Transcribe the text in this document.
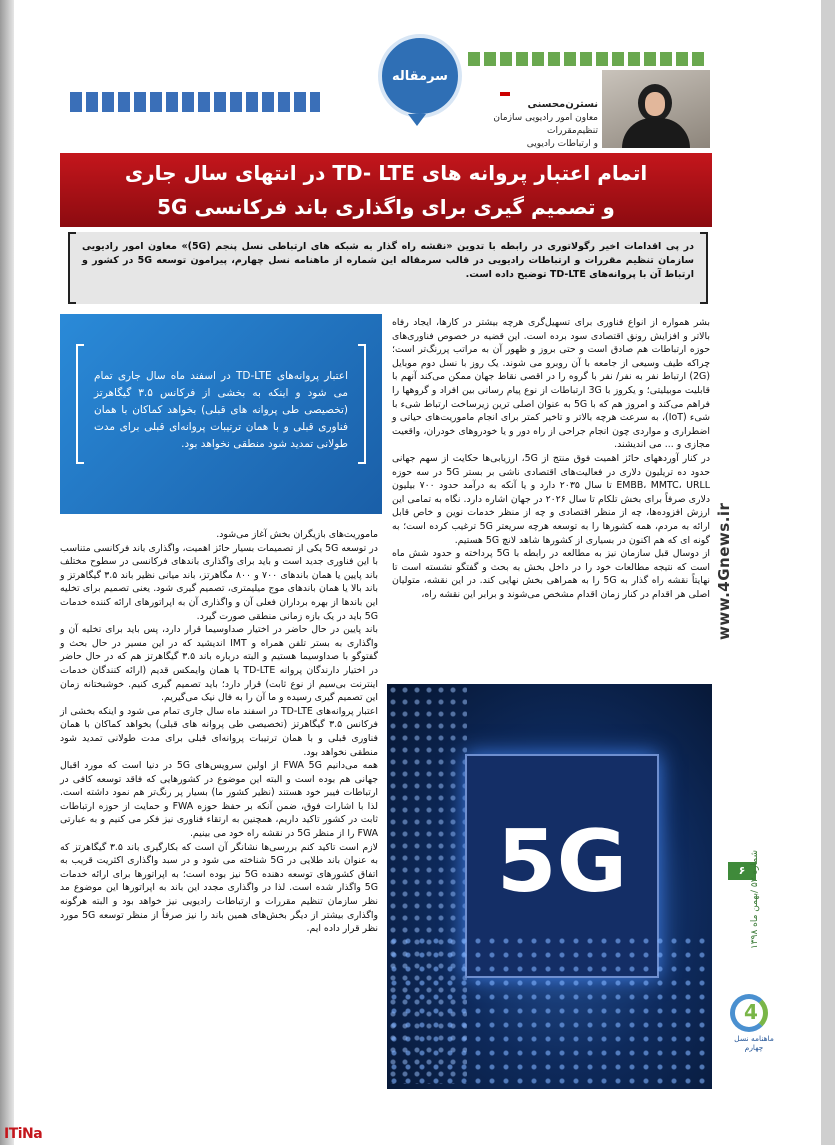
سرمقاله
نسترن‌محسنی
معاون امور رادیویی سازمان تنظیم‌مقررات
و ارتباطات رادیویی
اتمام اعتبار پروانه های TD- LTE در انتهای سال جاری
و تصمیم گیری برای واگذاری باند فرکانسی 5G

در پی اقدامات اخیر رگولاتوری در رابطه با تدوین «نقشه راه گذار به شبکه های ارتباطی نسل پنجم (5G)» معاون امور رادیویی سازمان تنظیم مقررات و ارتباطات رادیویی در قالب سرمقاله این شماره از ماهنامه نسل چهارم، پیرامون توسعه 5G در کشور و ارتباط آن با پروانه‌های TD-LTE توضیح داده است.

اعتبار پروانه‌های TD-LTE در اسفند ماه سال جاری تمام می شود و اینکه به بخشی از فرکانس ۳.۵ گیگاهرتز (تخصیصی طی پروانه های قبلی) بخواهد کماکان با همان فناوری قبلی و با همان ترتیبات پروانه‌ای قبلی برای مدت طولانی تمدید شود منطقی نخواهد بود.

بشر همواره از انواع فناوری برای تسهیل‌گری هرچه بیشتر در کارها، ایجاد رفاه بالاتر و افزایش رونق اقتصادی سود برده است. این قضیه در خصوص فناوری‌های حوزه ارتباطات هم صادق است و حتی بروز و ظهور آن به مراتب پررنگ‌تر است؛ چراکه طیف وسیعی از جامعه با آن روبرو می شوند. یک روز با نسل دوم موبایل (2G) ارتباط نفر به نفر/ نفر با گروه را در اقصی نقاط جهان ممکن می‌کند آنهم با قابلیت موبیلیتی؛ و یکروز با 3G ارتباطات از نوع پیام رسانی بین افراد و گروهها را فراهم می‌کند و امروز هم که با 5G به عنوان اصلی ترین زیرساخت ارتباط شیء با شیء (IoT)، به سرعت هرچه بالاتر و تاخیر کمتر برای انجام ماموریت‌های حیاتی و اضطراری و مواردی چون انجام جراحی از راه دور و یا خودروهای خودران، واقعیت مجازی و ... می اندیشند.

در کنار آوردههای حائز اهمیت فوق منتج از 5G، ارزیابی‌ها حکایت از سهم جهانی حدود ده تریلیون دلاری در فعالیت‌های اقتصادی ناشی بر بستر 5G در سه حوزه EMBB، MMTC، URLL تا سال ۲۰۳۵ دارد و یا آنکه به درآمد حدود ۷۰۰ بیلیون دلاری صرفاً برای بخش تلکام تا سال ۲۰۲۶ در جهان اشاره دارد. نگاه به تمامی این ارزش افزوده‌ها، چه از منظر اقتصادی و چه از منظر خدمات نوین و خاص قابل ارائه به مردم، همه کشورها را به توسعه هرچه سریعتر 5G ترغیب کرده است؛ به گونه ای که هم اکنون در بسیاری از کشورها شاهد لانچ 5G هستیم.

از دوسال قبل سازمان نیز به مطالعه در رابطه با 5G پرداخته و حدود شش ماه است که نتیجه مطالعات خود را در داخل بخش به بحث و گفتگو نشسته است تا نهایتاً نقشه راه گذار به 5G را به همراهی بخش نهایی کند. در این نقشه، متولیان اصلی هر اقدام در کنار زمان اقدام مشخص می‌شوند و برابر این نقشه راه،

ماموریت‌های بازیگران بخش آغاز می‌شود.

در توسعه 5G یکی از تصمیمات بسیار حائز اهمیت، واگذاری باند فرکانسی متناسب با این فناوری جدید است و باید برای واگذاری باندهای فرکانسی در سطوح مختلف باند پایین یا همان باندهای ۷۰۰ و ۸۰۰ مگاهرتز، باند میانی نظیر باند ۳.۵ گیگاهرتز و باند بالا یا همان باندهای موج میلیمتری، تصمیم گیری شود. یعنی تصمیم برای تخلیه این باندها از بهره برداران فعلی آن و واگذاری آن به اپراتورهای ارائه کننده خدمات 5G باید در یک بازه زمانی منطقی صورت گیرد.

باند پایین در حال حاضر در اختیار صداوسیما قرار دارد، پس باید برای تخلیه آن و واگذاری به بستر تلفن همراه و IMT اندیشید که در این مسیر در حال بحث و گفتوگو با صداوسیما هستیم و البته درباره باند ۳.۵ گیگاهرتز هم که در حال حاضر در اختیار دارندگان پروانه TD-LTE یا همان وایمکس قدیم (ارائه کنندگان خدمات اینترنت بی‌سیم از نوع ثابت) قرار دارد؛ باید تصمیم گیری کنیم. خوشبختانه زمان این تصمیم گیری رسیده و ما آن را به فال نیک می‌گیریم.

اعتبار پروانه‌های TD-LTE در اسفند ماه سال جاری تمام می شود و اینکه بخشی از فرکانس ۳.۵ گیگاهرتز (تخصیصی طی پروانه های قبلی) بخواهد کماکان با همان فناوری قبلی و با همان ترتیبات پروانه‌ای قبلی برای مدت طولانی تمدید شود منطقی نخواهد بود.

همه می‌دانیم FWA 5G از اولین سرویس‌های 5G در دنیا است که مورد اقبال جهانی هم بوده است و البته این موضوع در کشورهایی که فاقد توسعه کافی در ارتباطات فیبر خود هستند (نظیر کشور ما) بسیار پر رنگ‌تر هم نمود داشته است. لذا با اشارات فوق، ضمن آنکه بر حفظ حوزه FWA و حمایت از حوزه ارتباطات ثابت در کشور تاکید داریم، همچنین به ارتقاء فناوری نیز فکر می کنیم و به عبارتی FWA را از منظر 5G در نقشه راه خود می بینیم.

لازم است تاکید کنم بررسی‌ها نشانگر آن است که بکارگیری باند ۳.۵ گیگاهرتز که به عنوان باند طلایی در 5G شناخته می شود و در سبد واگذاری اکثریت قریب به اتفاق کشورهای توسعه دهنده 5G نیز بوده است؛ به اپراتورها برای ارائه خدمات 5G واگذار شده است. لذا در واگذاری مجدد این باند به اپراتورها این موضوع مد نظر سازمان تنظیم مقررات و ارتباطات رادیویی نیز خواهد بود و البته هرگونه واگذاری بیشتر از دیگر بخش‌های همین باند را نیز صرفاً از منظر توسعه 5G مورد نظر قرار داده ایم.

5G
www.4Gnews.ir
۶
شماره ۵۲ /بهمن ماه ۱۳۹۸
4
ماهنامه نسل چهارم
ITiNa
